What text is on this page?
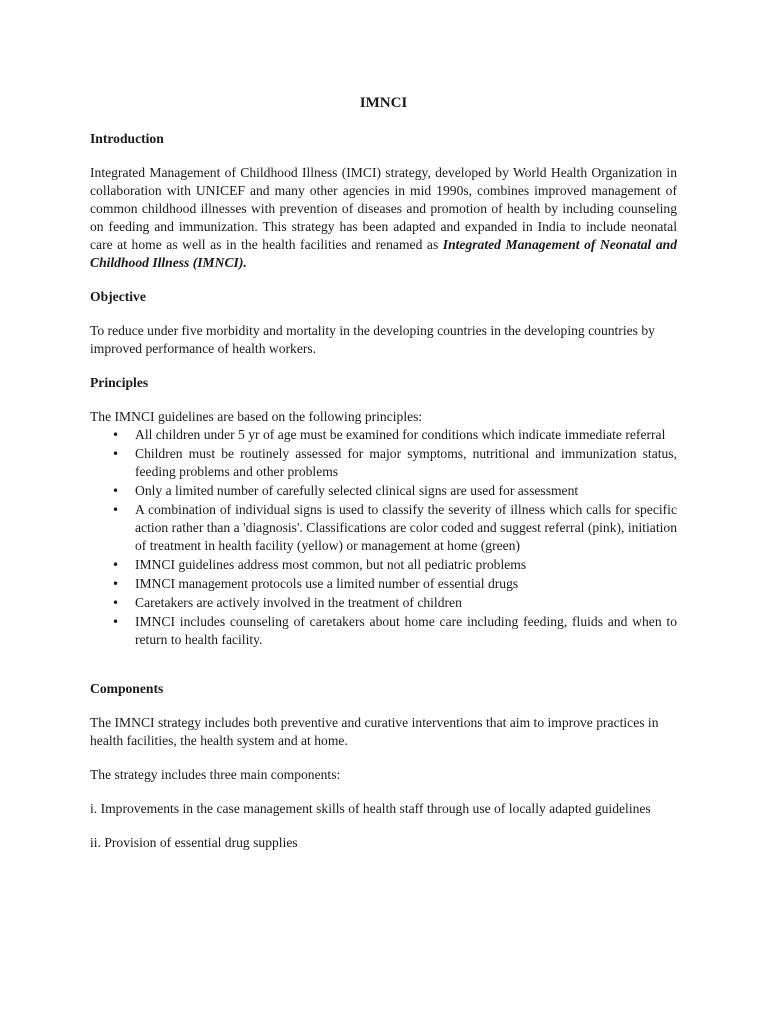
IMNCI
Introduction

Integrated Management of Childhood Illness (IMCI) strategy, developed by World Health Organization in collaboration with UNICEF and many other agencies in mid 1990s, combines improved management of common childhood illnesses with prevention of diseases and promotion of health by including counseling on feeding and immunization. This strategy has been adapted and expanded in India to include neonatal care at home as well as in the health facilities and renamed as Integrated Management of Neonatal and Childhood Illness (IMNCI).

Objective

To reduce under five morbidity and mortality in the developing countries in the developing countries by improved performance of health workers.

Principles

The IMNCI guidelines are based on the following principles:

• All children under 5 yr of age must be examined for conditions which indicate immediate referral
• Children must be routinely assessed for major symptoms, nutritional and immunization status, feeding problems and other problems
• Only a limited number of carefully selected clinical signs are used for assessment
• A combination of individual signs is used to classify the severity of illness which calls for specific action rather than a 'diagnosis'. Classifications are color coded and suggest referral (pink), initiation of treatment in health facility (yellow) or management at home (green)
• IMNCI guidelines address most common, but not all pediatric problems
• IMNCI management protocols use a limited number of essential drugs
• Caretakers are actively involved in the treatment of children
• IMNCI includes counseling of caretakers about home care including feeding, fluids and when to return to health facility.
Components

The IMNCI strategy includes both preventive and curative interventions that aim to improve practices in health facilities, the health system and at home.

The strategy includes three main components:

i. Improvements in the case management skills of health staff through use of locally adapted guidelines

ii. Provision of essential drug supplies
